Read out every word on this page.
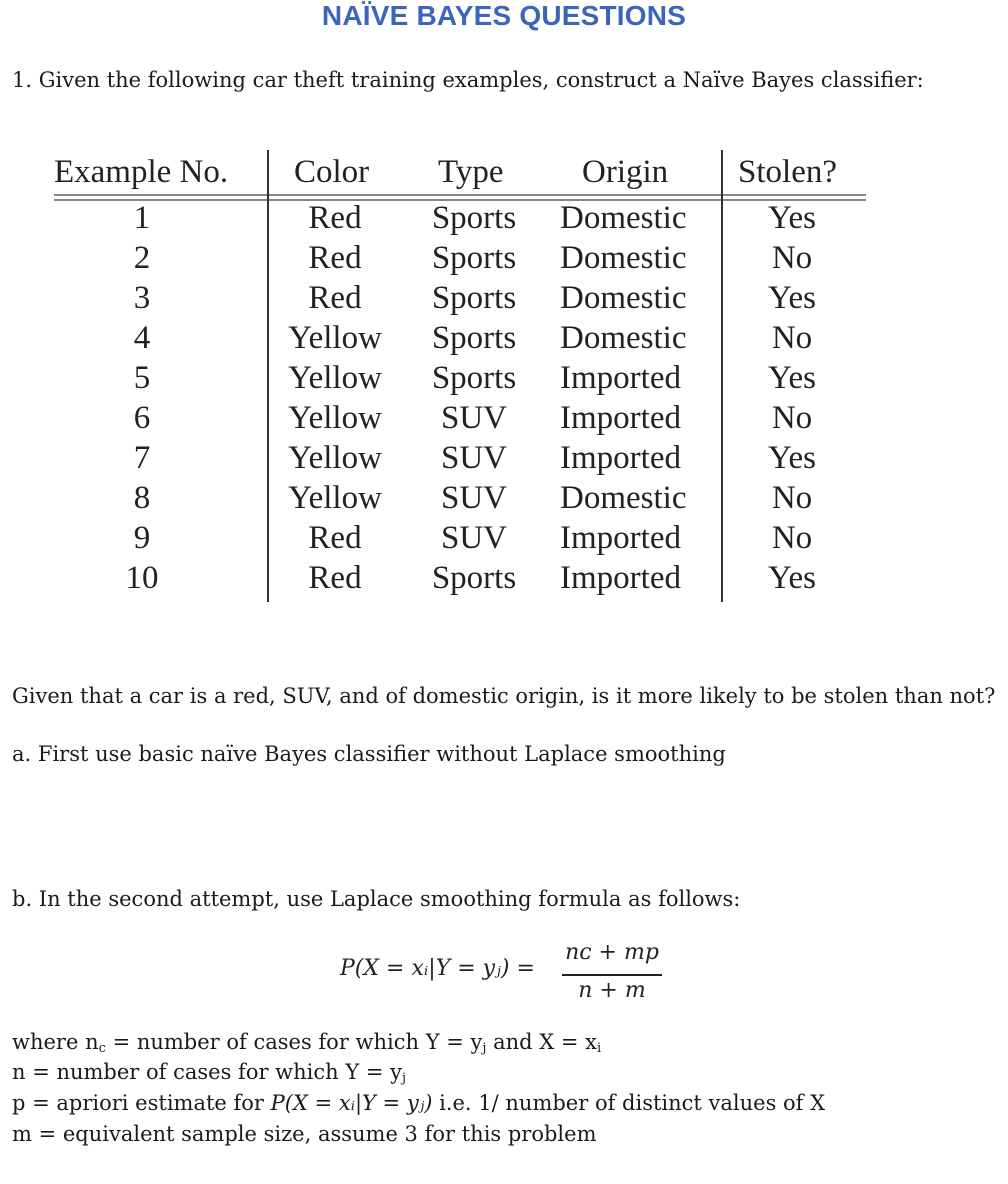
NAÏVE BAYES QUESTIONS
1. Given the following car theft training examples, construct a Naïve Bayes classifier:
Example No. Color Type Origin Stolen?
1	Red	Sports Domestic	Yes
2	Red	Sports Domestic	No
3	Red	Sports Domestic	Yes
4	Yellow Sports Domestic	No
5	Yellow Sports Imported	Yes
6	Yellow	SUV	Imported	No
7	Yellow	SUV	Imported	Yes
8	Yellow	SUV	Domestic	No
9	Red	SUV	Imported	No
10	Red	Sports Imported	Yes
Given that a car is a red, SUV, and of domestic origin, is it more likely to be stolen than not?
a. First use basic naïve Bayes classifier without Laplace smoothing
b. In the second attempt, use Laplace smoothing formula as follows:
P(X = xᵢ|Y = yⱼ) =
nᴄ + mp
n + m
where $n_c$ = number of cases for which $Y = y_j$ and $X = x_i$
n = number of cases for which $Y = y_j$
p = apriori estimate for P(X = xᵢ|Y = yⱼ) i.e. 1/ number of distinct values of X
m = equivalent sample size, assume 3 for this problem
